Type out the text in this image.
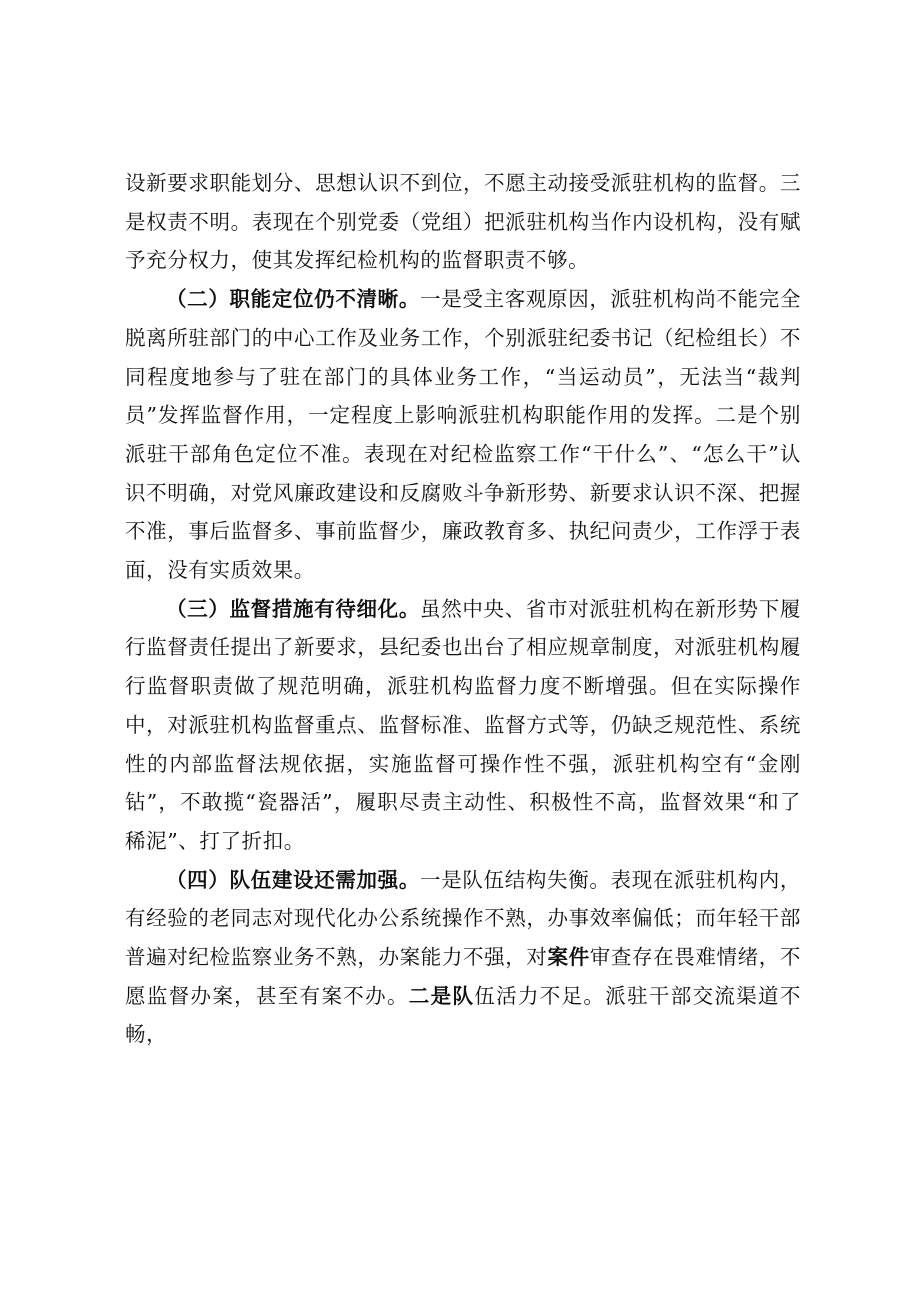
设新要求职能划分、思想认识不到位，不愿主动接受派驻机构的监督。三是权责不明。表现在个别党委（党组）把派驻机构当作内设机构，没有赋予充分权力，使其发挥纪检机构的监督职责不够。

（二）职能定位仍不清晰。一是受主客观原因，派驻机构尚不能完全脱离所驻部门的中心工作及业务工作，个别派驻纪委书记（纪检组长）不同程度地参与了驻在部门的具体业务工作，“当运动员”，无法当“裁判员”发挥监督作用，一定程度上影响派驻机构职能作用的发挥。二是个别派驻干部角色定位不准。表现在对纪检监察工作“干什么”、“怎么干”认识不明确，对党风廉政建设和反腐败斗争新形势、新要求认识不深、把握不准，事后监督多、事前监督少，廉政教育多、执纪问责少，工作浮于表面，没有实质效果。

（三）监督措施有待细化。虽然中央、省市对派驻机构在新形势下履行监督责任提出了新要求，县纪委也出台了相应规章制度，对派驻机构履行监督职责做了规范明确，派驻机构监督力度不断增强。但在实际操作中，对派驻机构监督重点、监督标准、监督方式等，仍缺乏规范性、系统性的内部监督法规依据，实施监督可操作性不强，派驻机构空有“金刚钻”，不敢揽“瓷器活”，履职尽责主动性、积极性不高，监督效果“和了稀泥”、打了折扣。

（四）队伍建设还需加强。一是队伍结构失衡。表现在派驻机构内，有经验的老同志对现代化办公系统操作不熟，办事效率偏低；而年轻干部普遍对纪检监察业务不熟，办案能力不强，对案件审查存在畏难情绪，不愿监督办案，甚至有案不办。二是队伍活力不足。派驻干部交流渠道不畅，
